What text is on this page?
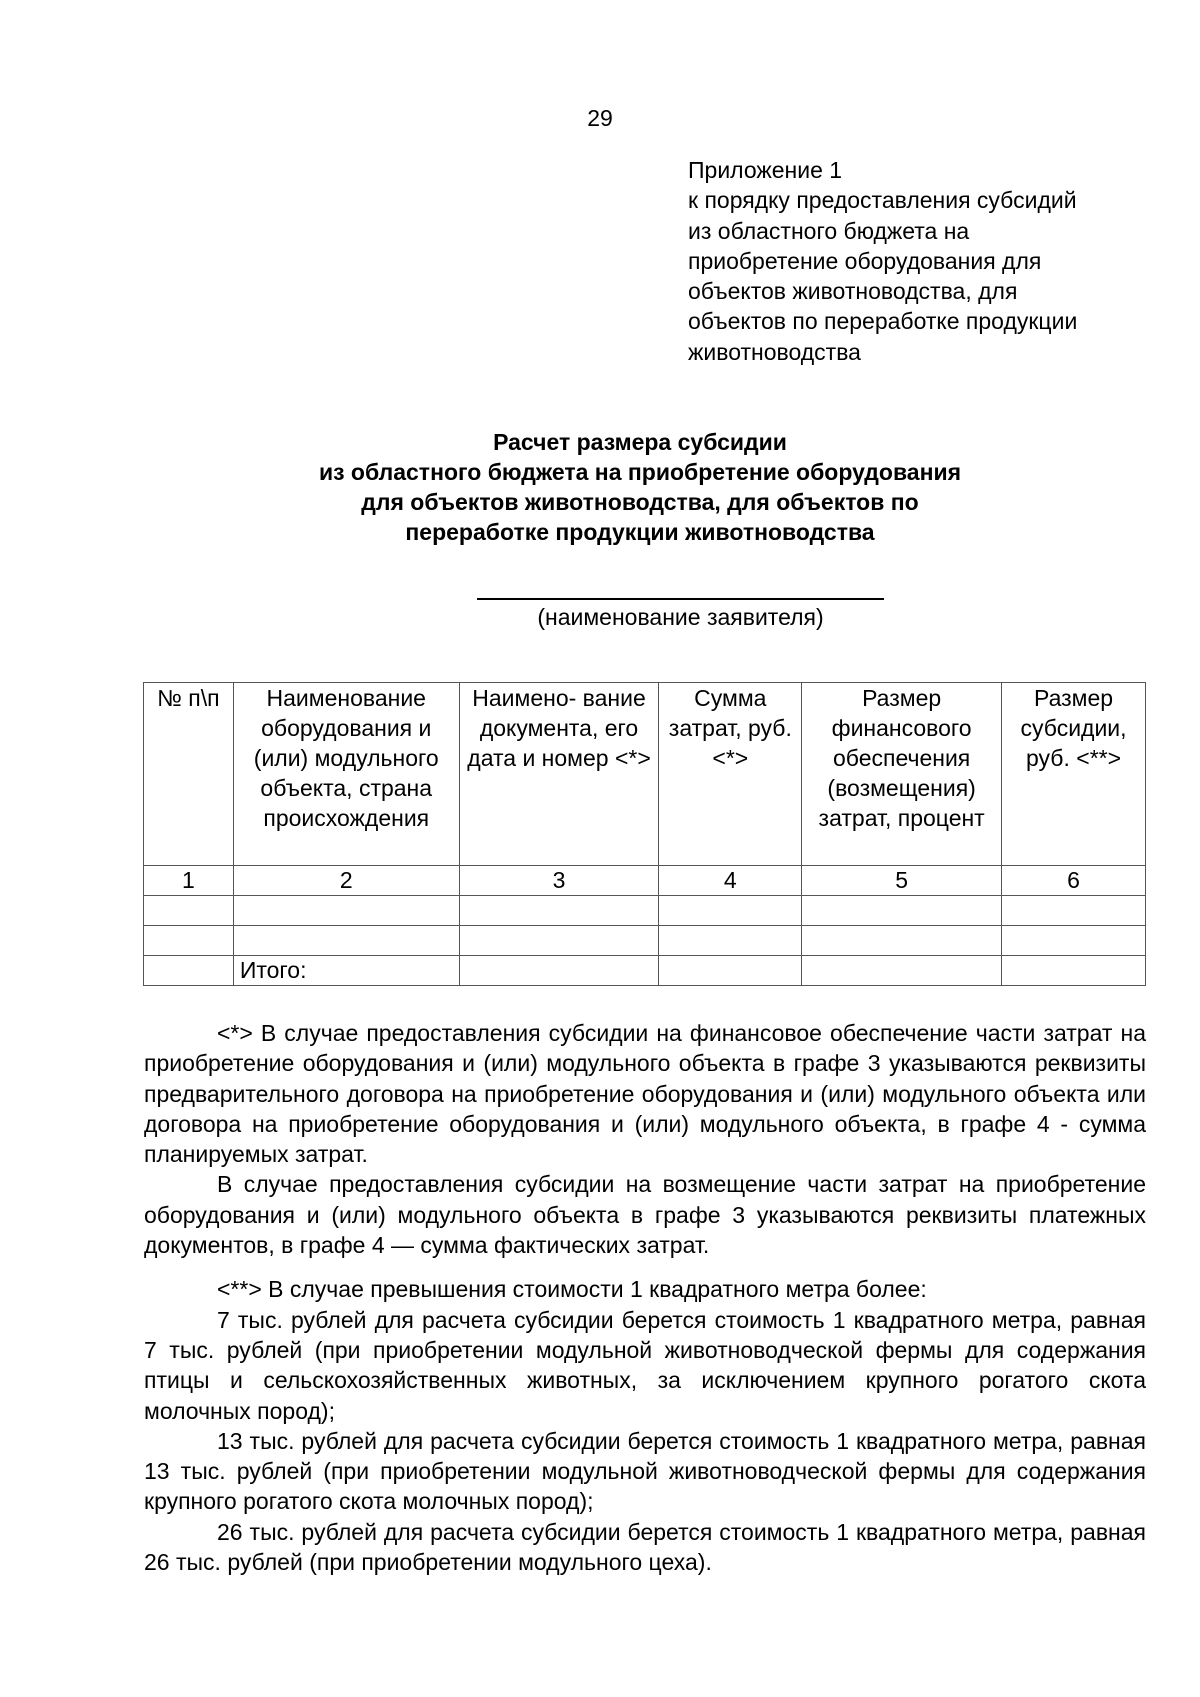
29
Приложение 1
к порядку предоставления субсидий
из областного бюджета на
приобретение оборудования для
объектов животноводства, для
объектов по переработке продукции
животноводства
Расчет размера субсидии
из областного бюджета на приобретение оборудования
для объектов животноводства, для объектов по
переработке продукции животноводства
(наименование заявителя)
№ п\п	Наименование оборудования и (или) модульного объекта, страна происхождения	Наимено- вание документа, его дата и номер <*>	Сумма затрат, руб. <*>	Размер финансового обеспечения (возмещения) затрат, процент	Размер субсидии, руб. <**>
1	2	3	4	5	6

	Итого:				

<*> В случае предоставления субсидии на финансовое обеспечение части затрат на приобретение оборудования и (или) модульного объекта в графе 3 указываются реквизиты предварительного договора на приобретение оборудования и (или) модульного объекта или договора на приобретение оборудования и (или) модульного объекта, в графе 4 - сумма планируемых затрат.

В случае предоставления субсидии на возмещение части затрат на приобретение оборудования и (или) модульного объекта в графе 3 указываются реквизиты платежных документов, в графе 4 — сумма фактических затрат.

<**> В случае превышения стоимости 1 квадратного метра более:

7 тыс. рублей для расчета субсидии берется стоимость 1 квадратного метра, равная 7 тыс. рублей (при приобретении модульной животноводческой фермы для содержания птицы и сельскохозяйственных животных, за исключением крупного рогатого скота молочных пород);

13 тыс. рублей для расчета субсидии берется стоимость 1 квадратного метра, равная 13 тыс. рублей (при приобретении модульной животноводческой фермы для содержания крупного рогатого скота молочных пород);

26 тыс. рублей для расчета субсидии берется стоимость 1 квадратного метра, равная 26 тыс. рублей (при приобретении модульного цеха).
